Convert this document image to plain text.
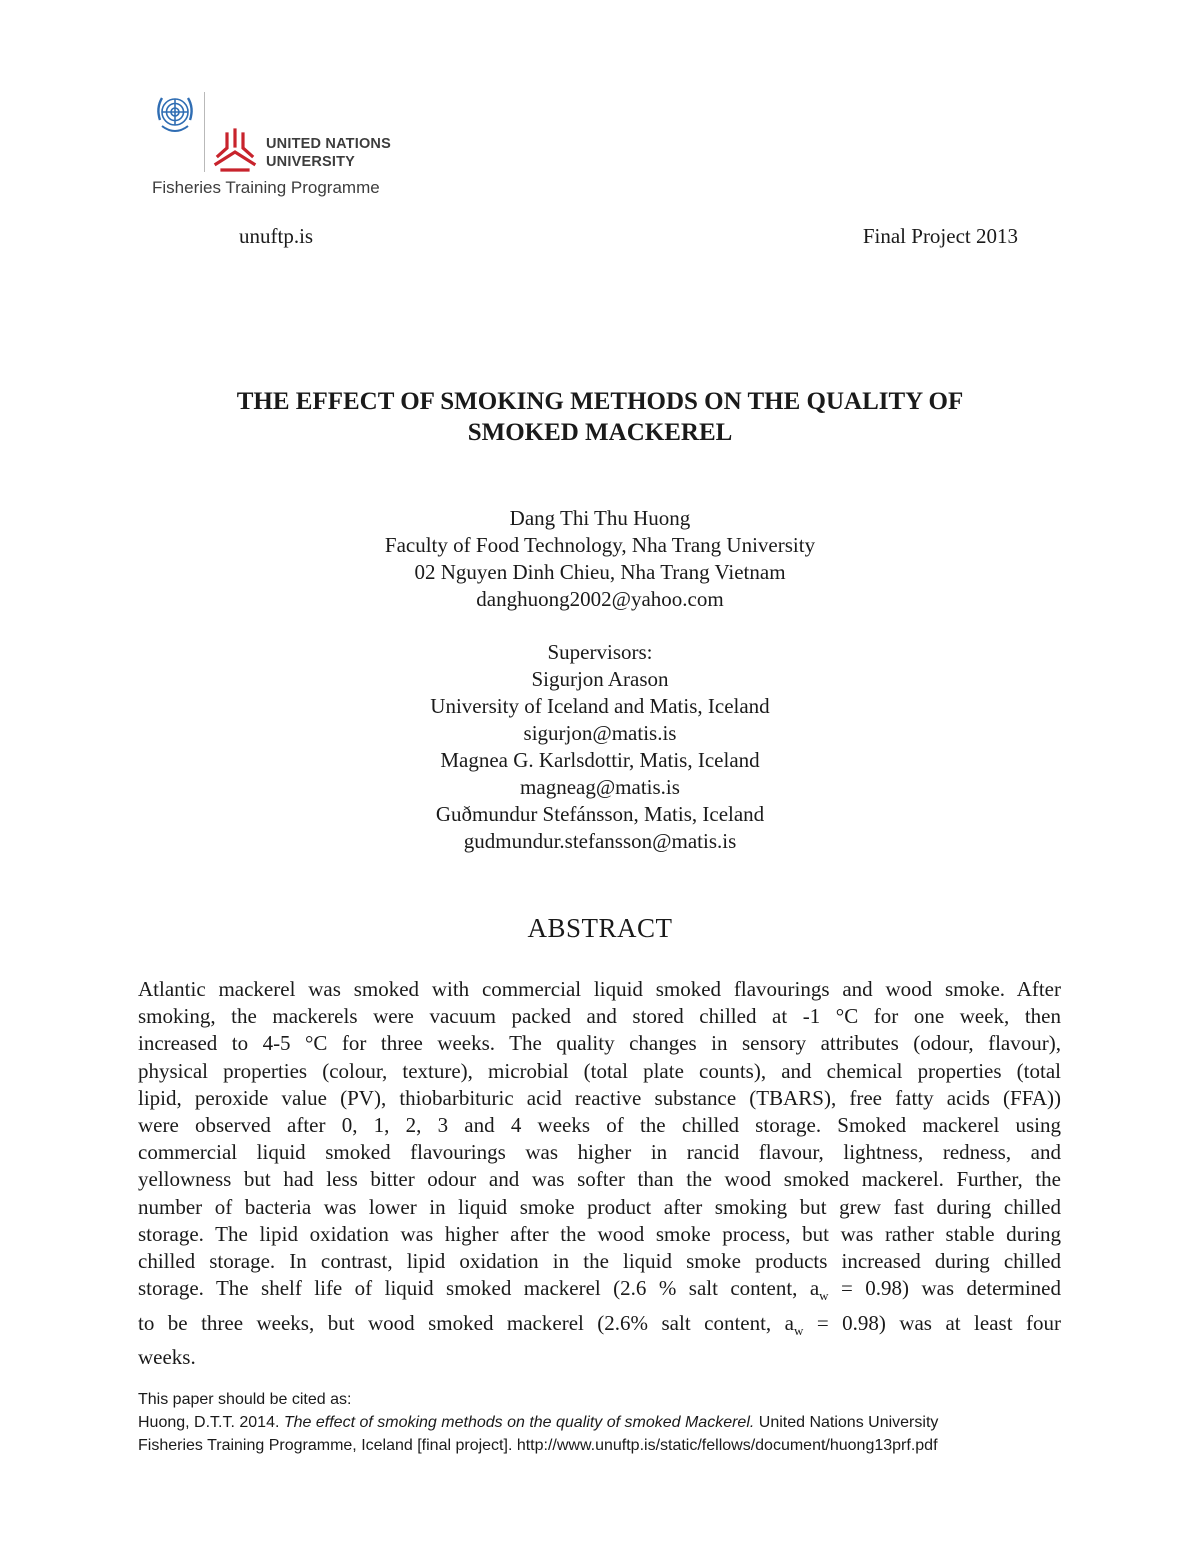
UNITED NATIONS
UNIVERSITY
Fisheries Training Programme
unuftp.is	Final Project 2013
THE EFFECT OF SMOKING METHODS ON THE QUALITY OF
SMOKED MACKEREL
Dang Thi Thu Huong
Faculty of Food Technology, Nha Trang University
02 Nguyen Dinh Chieu, Nha Trang Vietnam
danghuong2002@yahoo.com
Supervisors:
Sigurjon Arason
University of Iceland and Matis, Iceland
sigurjon@matis.is
Magnea G. Karlsdottir, Matis, Iceland
magneag@matis.is
Guðmundur Stefánsson, Matis, Iceland
gudmundur.stefansson@matis.is
ABSTRACT
Atlantic mackerel was smoked with commercial liquid smoked flavourings and wood smoke. After
smoking, the mackerels were vacuum packed and stored chilled at -1 °C for one week, then
increased to 4-5 °C for three weeks. The quality changes in sensory attributes (odour, flavour),
physical properties (colour, texture), microbial (total plate counts), and chemical properties (total
lipid, peroxide value (PV), thiobarbituric acid reactive substance (TBARS), free fatty acids (FFA))
were observed after 0, 1, 2, 3 and 4 weeks of the chilled storage. Smoked mackerel using
commercial liquid smoked flavourings was higher in rancid flavour, lightness, redness, and
yellowness but had less bitter odour and was softer than the wood smoked mackerel. Further, the
number of bacteria was lower in liquid smoke product after smoking but grew fast during chilled
storage. The lipid oxidation was higher after the wood smoke process, but was rather stable during
chilled storage. In contrast, lipid oxidation in the liquid smoke products increased during chilled
storage. The shelf life of liquid smoked mackerel (2.6 % salt content, $a_w = 0.98$) was determined
to be three weeks, but wood smoked mackerel (2.6% salt content, $a_w = 0.98$) was at least four
weeks.
This paper should be cited as:
Huong, D.T.T. 2014. The effect of smoking methods on the quality of smoked Mackerel. United Nations University
Fisheries Training Programme, Iceland [final project]. http://www.unuftp.is/static/fellows/document/huong13prf.pdf
